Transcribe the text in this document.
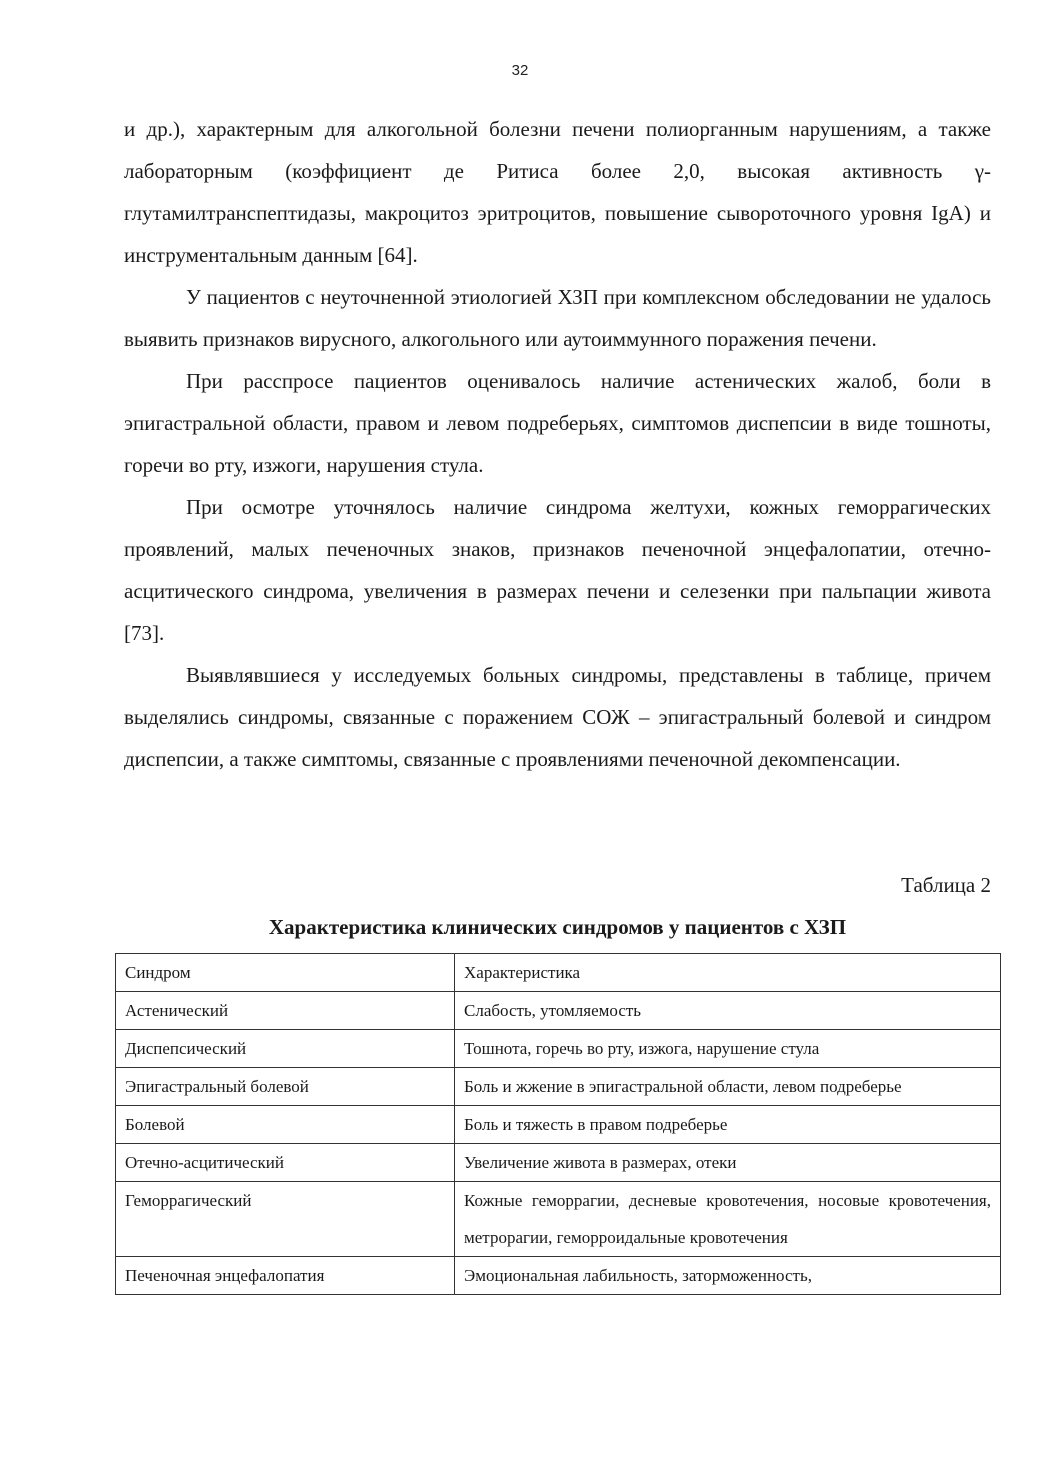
32

и др.), характерным для алкогольной болезни печени полиорганным нарушениям, а также лабораторным (коэффициент де Ритиса более 2,0, высокая активность γ-глутамилтранспептидазы, макроцитоз эритроцитов, повышение сывороточного уровня IgA) и инструментальным данным [64].

У пациентов с неуточненной этиологией ХЗП при комплексном обследовании не удалось выявить признаков вирусного, алкогольного или аутоиммунного поражения печени.

При расспросе пациентов оценивалось наличие астенических жалоб, боли в эпигастральной области, правом и левом подреберьях, симптомов диспепсии в виде тошноты, горечи во рту, изжоги, нарушения стула.

При осмотре уточнялось наличие синдрома желтухи, кожных геморрагических проявлений, малых печеночных знаков, признаков печеночной энцефалопатии, отечно-асцитического синдрома, увеличения в размерах печени и селезенки при пальпации живота [73].

Выявлявшиеся у исследуемых больных синдромы, представлены в таблице, причем выделялись синдромы, связанные с поражением СОЖ – эпигастральный болевой и синдром диспепсии, а также симптомы, связанные с проявлениями печеночной декомпенсации.

Таблица 2
Характеристика клинических синдромов у пациентов с ХЗП
Синдром	Характеристика
Астенический	Слабость, утомляемость
Диспепсический	Тошнота, горечь во рту, изжога, нарушение стула
Эпигастральный болевой	Боль и жжение в эпигастральной области, левом подреберье
Болевой	Боль и тяжесть в правом подреберье
Отечно-асцитический	Увеличение живота в размерах, отеки
Геморрагический	Кожные геморрагии, десневые кровотечения, носовые кровотечения, метрорагии, геморроидальные кровотечения
Печеночная энцефалопатия	Эмоциональная лабильность, заторможенность,
